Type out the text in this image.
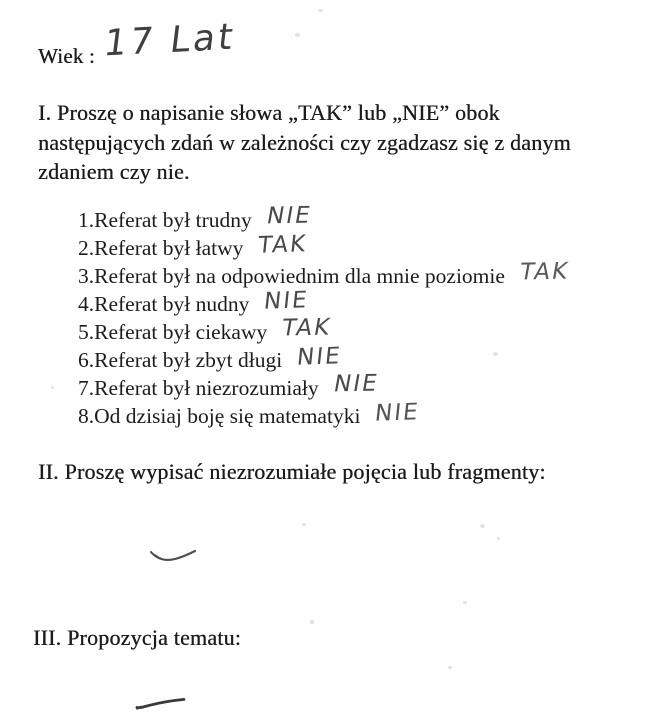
Wiek : 17 Lat
I. Proszę o napisanie słowa „TAK” lub „NIE” obok następujących zdań w zależności czy zgadzasz się z danym zdaniem czy nie.
1.Referat był trudny NIE
2.Referat był łatwy TAK
3.Referat był na odpowiednim dla mnie poziomie TAK
4.Referat był nudny NIE
5.Referat był ciekawy TAK
6.Referat był zbyt długi NIE
7.Referat był niezrozumiały NIE
8.Od dzisiaj boję się matematyki NIE
II. Proszę wypisać niezrozumiałe pojęcia lub fragmenty:
III. Propozycja tematu:
